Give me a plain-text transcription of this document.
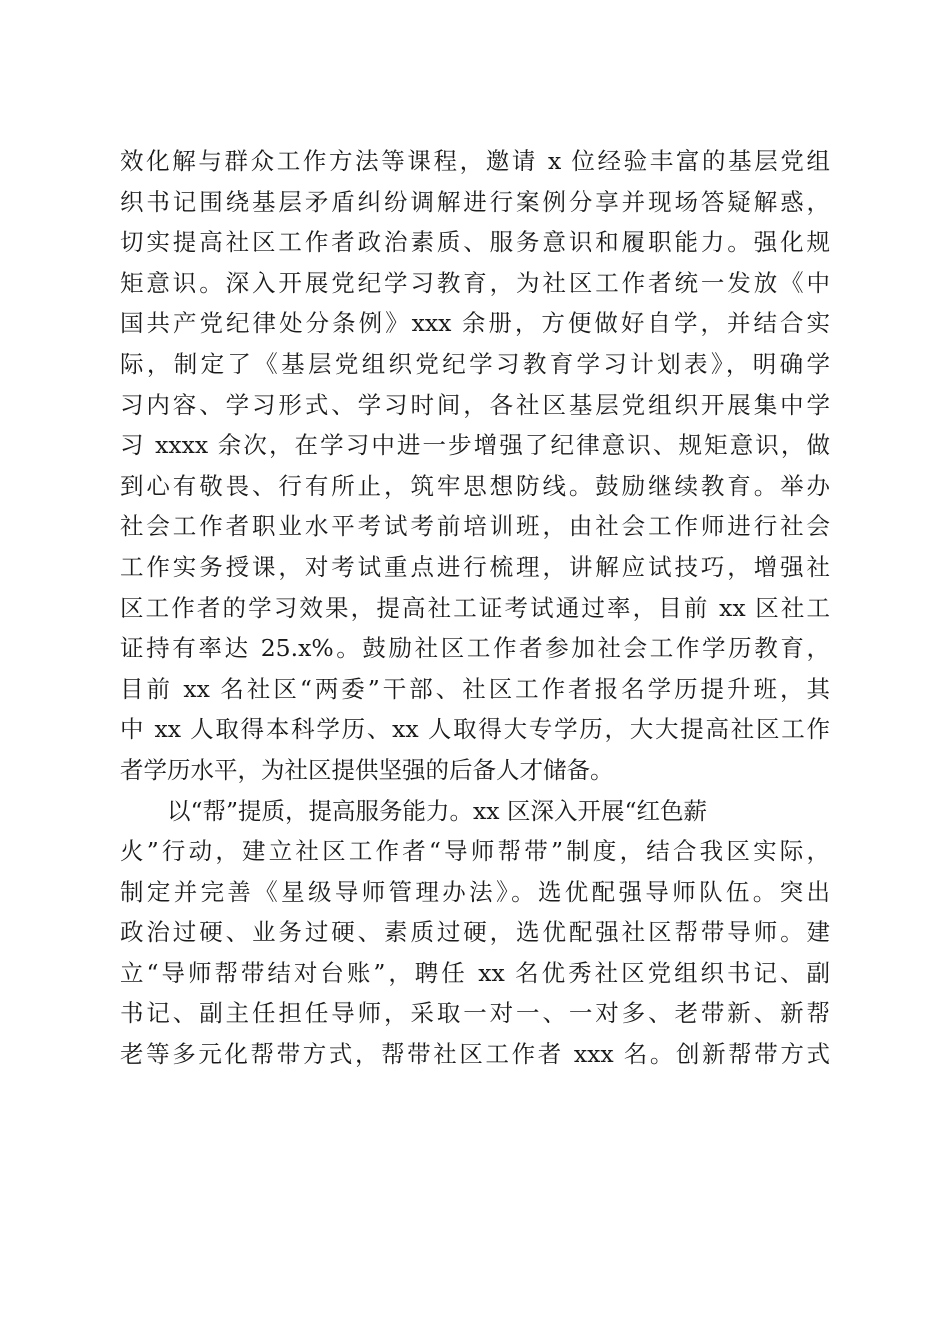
效化解与群众工作方法等课程，邀请 x 位经验丰富的基层党组
织书记围绕基层矛盾纠纷调解进行案例分享并现场答疑解惑，
切实提高社区工作者政治素质、服务意识和履职能力。强化规
矩意识。深入开展党纪学习教育，为社区工作者统一发放《中
国共产党纪律处分条例》xxx 余册，方便做好自学，并结合实
际，制定了《基层党组织党纪学习教育学习计划表》，明确学
习内容、学习形式、学习时间，各社区基层党组织开展集中学
习 xxxx 余次，在学习中进一步增强了纪律意识、规矩意识，做
到心有敬畏、行有所止，筑牢思想防线。鼓励继续教育。举办
社会工作者职业水平考试考前培训班，由社会工作师进行社会
工作实务授课，对考试重点进行梳理，讲解应试技巧，增强社
区工作者的学习效果，提高社工证考试通过率，目前 xx 区社工
证持有率达 25.x%。鼓励社区工作者参加社会工作学历教育，
目前 xx 名社区“两委”干部、社区工作者报名学历提升班，其
中 xx 人取得本科学历、xx 人取得大专学历，大大提高社区工作
者学历水平，为社区提供坚强的后备人才储备。
以“帮”提质，提高服务能力。xx 区深入开展“红色薪
火”行动，建立社区工作者“导师帮带”制度，结合我区实际，
制定并完善《星级导师管理办法》。选优配强导师队伍。突出
政治过硬、业务过硬、素质过硬，选优配强社区帮带导师。建
立“导师帮带结对台账”，聘任 xx 名优秀社区党组织书记、副
书记、副主任担任导师，采取一对一、一对多、老带新、新帮
老等多元化帮带方式，帮带社区工作者 xxx 名。创新帮带方式
